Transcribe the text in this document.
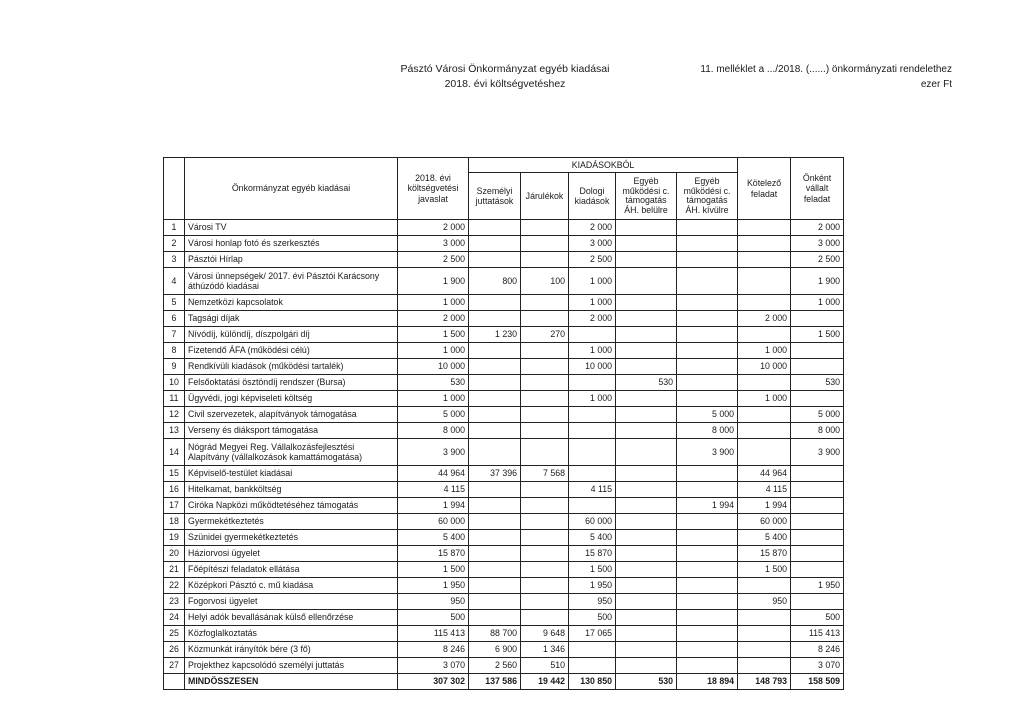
Pásztó Városi Önkormányzat egyéb kiadásai
2018. évi költségvetéshez
11. melléklet a .../2018. (......) önkormányzati rendelethez
ezer Ft
	Önkormányzat egyéb kiadásai	2018. évi költségvetési javaslat	KIADÁSOKBÓL					Kötelező feladat	Önként vállalt feladat
			Személyi juttatások	Járulékok	Dologi kiadások	Egyéb működési c. támogatás ÁH. belülre	Egyéb működési c. támogatás ÁH. kívülre		
1	Városi TV	2 000			2 000				2 000
2	Városi honlap fotó és szerkesztés	3 000			3 000				3 000
3	Pásztói Hírlap	2 500			2 500				2 500
4	Városi ünnepségek/ 2017. évi Pásztói Karácsony áthúzódó kiadásai	1 900	800	100	1 000				1 900
5	Nemzetközi kapcsolatok	1 000			1 000				1 000
6	Tagsági díjak	2 000			2 000			2 000	
7	Nívódíj, különdíj, díszpolgári díj	1 500	1 230	270					1 500
8	Fizetendő ÁFA (működési célú)	1 000			1 000			1 000	
9	Rendkívüli kiadások (működési tartalék)	10 000			10 000			10 000	
10	Felsőoktatási ösztöndíj rendszer (Bursa)	530				530			530
11	Ügyvédi, jogi képviseleti költség	1 000			1 000			1 000	
12	Civil szervezetek, alapítványok támogatása	5 000					5 000		5 000
13	Verseny és diáksport támogatása	8 000					8 000		8 000
14	Nógrád Megyei Reg. Vállalkozásfejlesztési Alapítvány (vállalkozások kamattámogatása)	3 900					3 900		3 900
15	Képviselő-testület kiadásai	44 964	37 396	7 568				44 964	
16	Hitelkamat, bankköltség	4 115			4 115			4 115	
17	Ciróka Napközi működtetéséhez támogatás	1 994					1 994	1 994	
18	Gyermekétkeztetés	60 000			60 000			60 000	
19	Szünidei gyermekétkeztetés	5 400			5 400			5 400	
20	Háziorvosi ügyelet	15 870			15 870			15 870	
21	Főépítészi feladatok ellátása	1 500			1 500			1 500	
22	Középkori Pásztó c. mű kiadása	1 950			1 950				1 950
23	Fogorvosi ügyelet	950			950			950	
24	Helyi adók bevallásának külső ellenőrzése	500			500				500
25	Közfoglalkoztatás	115 413	88 700	9 648	17 065				115 413
26	Közmunkát irányítók bére (3 fő)	8 246	6 900	1 346					8 246
27	Projekthez kapcsolódó személyi juttatás	3 070	2 560	510					3 070
	MINDÖSSZESEN	307 302	137 586	19 442	130 850	530	18 894	148 793	158 509
